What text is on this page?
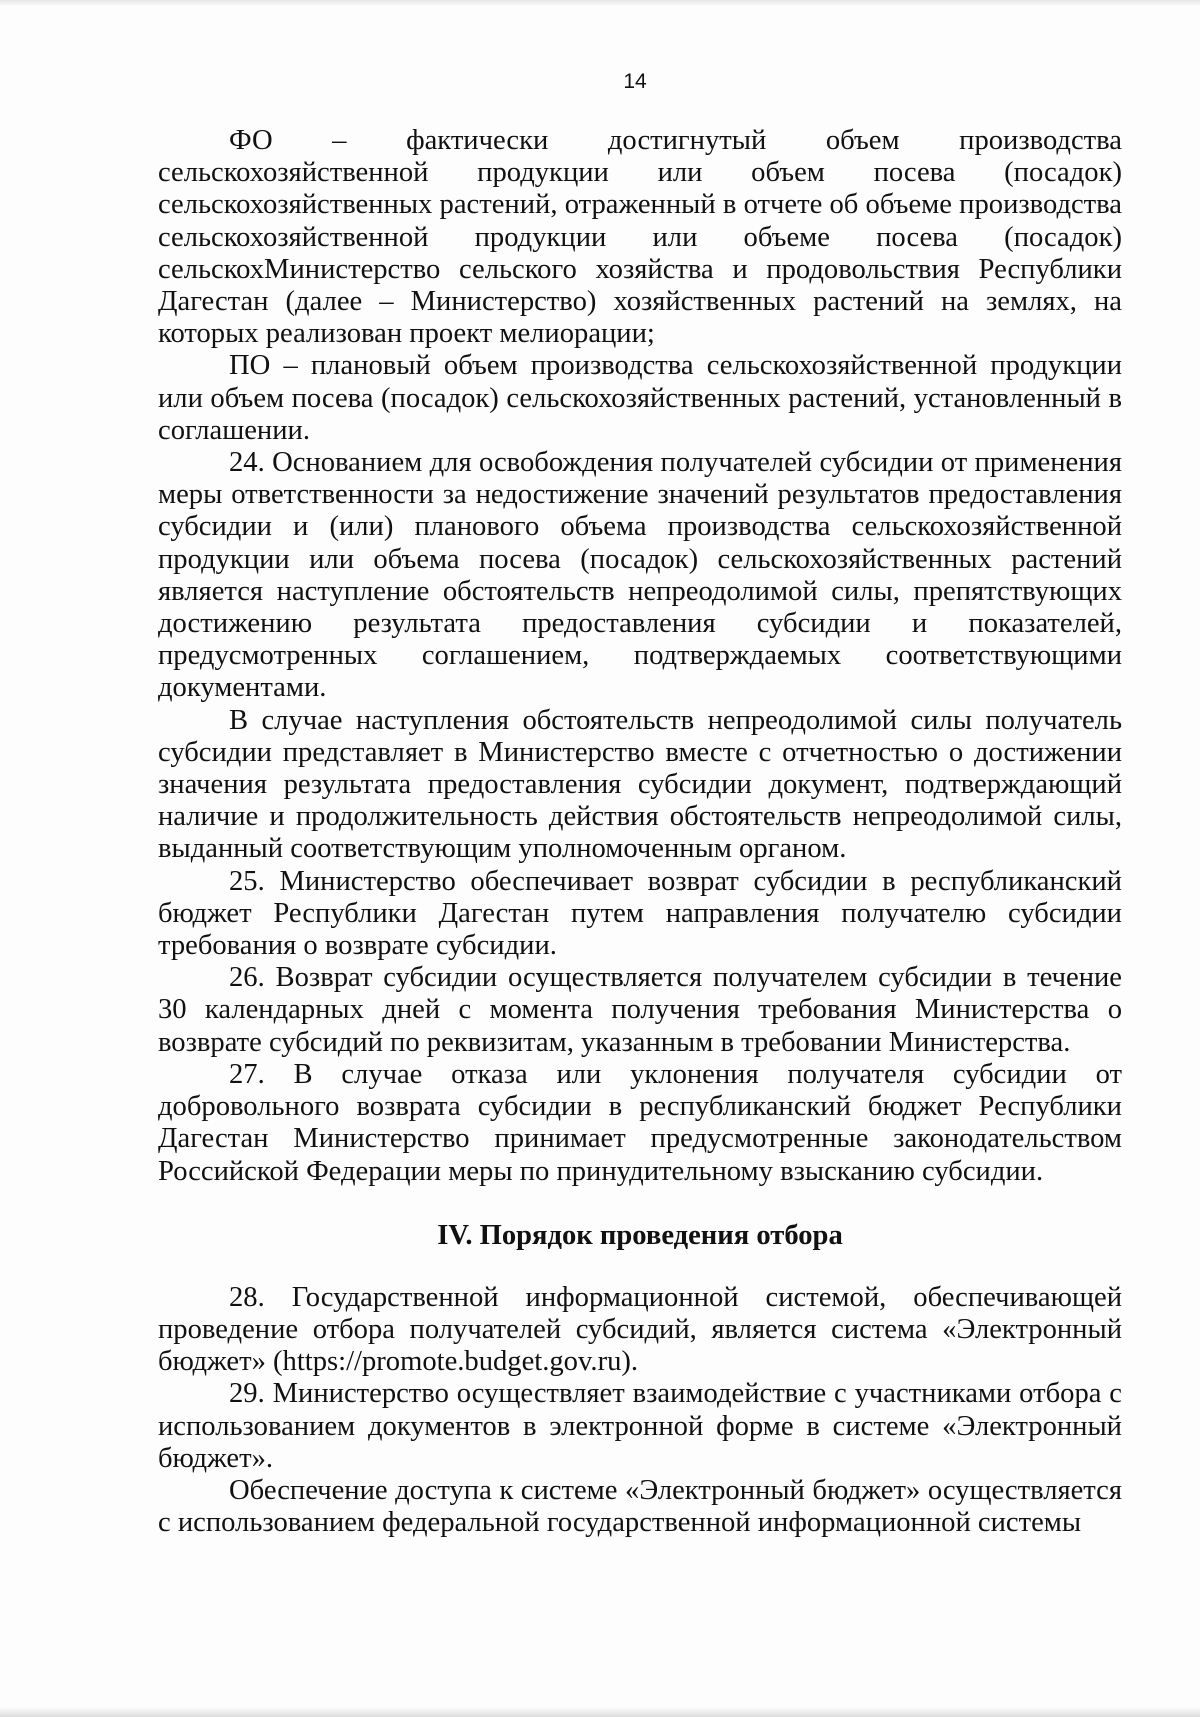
14

ФО – фактически достигнутый объем производства сельскохозяйственной продукции или объем посева (посадок) сельскохозяйственных растений, отраженный в отчете об объеме производства сельскохозяйственной продукции или объеме посева (посадок) сельскохМинистерство сельского хозяйства и продовольствия Республики Дагестан (далее – Министерство) хозяйственных растений на землях, на которых реализован проект мелиорации;

ПО – плановый объем производства сельскохозяйственной продукции или объем посева (посадок) сельскохозяйственных растений, установленный в соглашении.

24. Основанием для освобождения получателей субсидии от применения меры ответственности за недостижение значений результатов предоставления субсидии и (или) планового объема производства сельскохозяйственной продукции или объема посева (посадок) сельскохозяйственных растений является наступление обстоятельств непреодолимой силы, препятствующих достижению результата предоставления субсидии и показателей, предусмотренных соглашением, подтверждаемых соответствующими документами.

В случае наступления обстоятельств непреодолимой силы получатель субсидии представляет в Министерство вместе с отчетностью о достижении значения результата предоставления субсидии документ, подтверждающий наличие и продолжительность действия обстоятельств непреодолимой силы, выданный соответствующим уполномоченным органом.

25. Министерство обеспечивает возврат субсидии в республиканский бюджет Республики Дагестан путем направления получателю субсидии требования о возврате субсидии.

26. Возврат субсидии осуществляется получателем субсидии в течение 30 календарных дней с момента получения требования Министерства о возврате субсидий по реквизитам, указанным в требовании Министерства.

27. В случае отказа или уклонения получателя субсидии от добровольного возврата субсидии в республиканский бюджет Республики Дагестан Министерство принимает предусмотренные законодательством Российской Федерации меры по принудительному взысканию субсидии.

IV. Порядок проведения отбора

28. Государственной информационной системой, обеспечивающей проведение отбора получателей субсидий, является система «Электронный бюджет» (https://promote.budget.gov.ru).

29. Министерство осуществляет взаимодействие с участниками отбора с использованием документов в электронной форме в системе «Электронный бюджет».

Обеспечение доступа к системе «Электронный бюджет» осуществляется с использованием федеральной государственной информационной системы
